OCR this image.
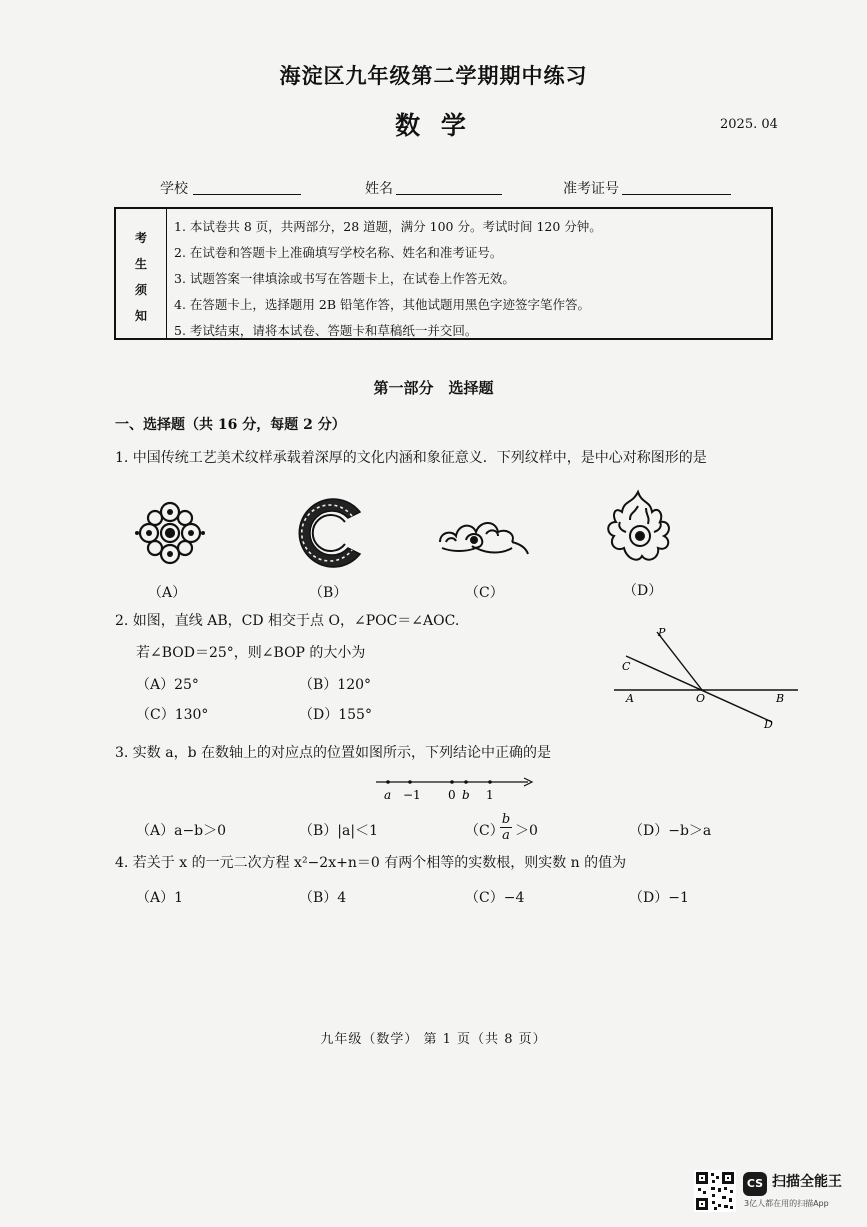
海淀区九年级第二学期期中练习
数 学	2025. 04
学校	姓名	准考证号
考
生
须
知
1. 本试卷共 8 页，共两部分，28 道题，满分 100 分。考试时间 120 分钟。
2. 在试卷和答题卡上准确填写学校名称、姓名和准考证号。
3. 试题答案一律填涂或书写在答题卡上，在试卷上作答无效。
4. 在答题卡上，选择题用 2B 铅笔作答，其他试题用黑色字迹签字笔作答。
5. 考试结束，请将本试卷、答题卡和草稿纸一并交回。
第一部分　选择题
一、选择题（共 16 分，每题 2 分）
1. 中国传统工艺美术纹样承载着深厚的文化内涵和象征意义．下列纹样中，是中心对称图形的是
（A）	（B）	（C）	（D）
2. 如图，直线 AB，CD 相交于点 O，∠POC＝∠AOC.
若∠BOD＝25°，则∠BOP 的大小为
（A）25°	（B）120°
（C）130°	（D）155°
P
C
A	O	B
D
3. 实数 a，b 在数轴上的对应点的位置如图所示，下列结论中正确的是
a −1 0 b 1
（A）a−b＞0	（B）|a|＜1	（C）
$\frac{b}{a} >0$	（D）−b＞a
4. 若关于 x 的一元二次方程 x²−2x+n＝0 有两个相等的实数根，则实数 n 的值为
（A）1	（B）4	（C）−4	（D）−1
九年级（数学） 第 1 页（共 8 页）
CS 扫描全能王
3亿人都在用的扫描App
